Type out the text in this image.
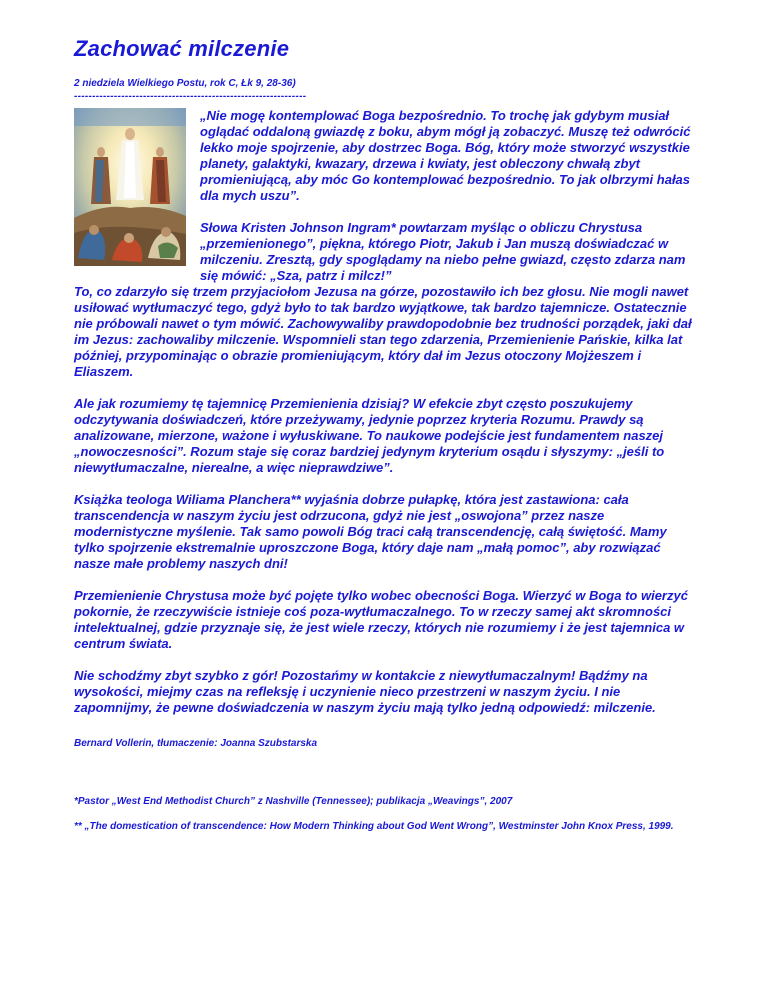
Zachować milczenie
2 niedziela Wielkiego Postu, rok C, Łk 9, 28-36)
----------------------------------------------------------------

„Nie mogę kontemplować Boga bezpośrednio. To trochę jak gdybym musiał oglądać oddaloną gwiazdę z boku, abym mógł ją zobaczyć. Muszę też odwrócić lekko moje spojrzenie, aby dostrzec Boga. Bóg, który może stworzyć wszystkie planety, galaktyki, kwazary, drzewa i kwiaty, jest obleczony chwałą zbyt promieniującą, aby móc Go kontemplować bezpośrednio. To jak olbrzymi hałas dla mych uszu”.

Słowa Kristen Johnson Ingram* powtarzam myśląc o obliczu Chrystusa „przemienionego”, piękna, którego Piotr, Jakub i Jan muszą doświadczać w milczeniu. Zresztą, gdy spoglądamy na niebo pełne gwiazd, często zdarza nam się mówić: „Sza, patrz i milcz!”

To, co zdarzyło się trzem przyjaciołom Jezusa na górze, pozostawiło ich bez głosu. Nie mogli nawet usiłować wytłumaczyć tego, gdyż było to tak bardzo wyjątkowe, tak bardzo tajemnicze. Ostatecznie nie próbowali nawet o tym mówić. Zachowywaliby prawdopodobnie bez trudności porządek, jaki dał im Jezus: zachowaliby milczenie. Wspomnieli stan tego zdarzenia, Przemienienie Pańskie, kilka lat później, przypominając o obrazie promieniującym, który dał im Jezus otoczony Mojżeszem i Eliaszem.

Ale jak rozumiemy tę tajemnicę Przemienienia dzisiaj? W efekcie zbyt często poszukujemy odczytywania doświadczeń, które przeżywamy, jedynie poprzez kryteria Rozumu. Prawdy są analizowane, mierzone, ważone i wyłuskiwane. To naukowe podejście jest fundamentem naszej „nowoczesności”. Rozum staje się coraz bardziej jedynym kryterium osądu i słyszymy: „jeśli to niewytłumaczalne, nierealne, a więc nieprawdziwe”.

Książka teologa Wiliama Planchera** wyjaśnia dobrze pułapkę, która jest zastawiona: cała transcendencja w naszym życiu jest odrzucona, gdyż nie jest „oswojona” przez nasze modernistyczne myślenie. Tak samo powoli Bóg traci całą transcendencję, całą świętość. Mamy tylko spojrzenie ekstremalnie uproszczone Boga, który daje nam „małą pomoc”, aby rozwiązać nasze małe problemy naszych dni!

Przemienienie Chrystusa może być pojęte tylko wobec obecności Boga. Wierzyć w Boga to wierzyć pokornie, że rzeczywiście istnieje coś poza-wytłumaczalnego. To w rzeczy samej akt skromności intelektualnej, gdzie przyznaje się, że jest wiele rzeczy, których nie rozumiemy i że jest tajemnica w centrum świata.

Nie schodźmy zbyt szybko z gór! Pozostańmy w kontakcie z niewytłumaczalnym! Bądźmy na wysokości, miejmy czas na refleksję i uczynienie nieco przestrzeni w naszym życiu. I nie zapomnijmy, że pewne doświadczenia w naszym życiu mają tylko jedną odpowiedź: milczenie.

Bernard Vollerin, tłumaczenie: Joanna Szubstarska
*Pastor „West End Methodist Church” z Nashville (Tennessee); publikacja „Weavings”, 2007
** „The domestication of transcendence: How Modern Thinking about God Went Wrong”, Westminster John Knox Press, 1999.
